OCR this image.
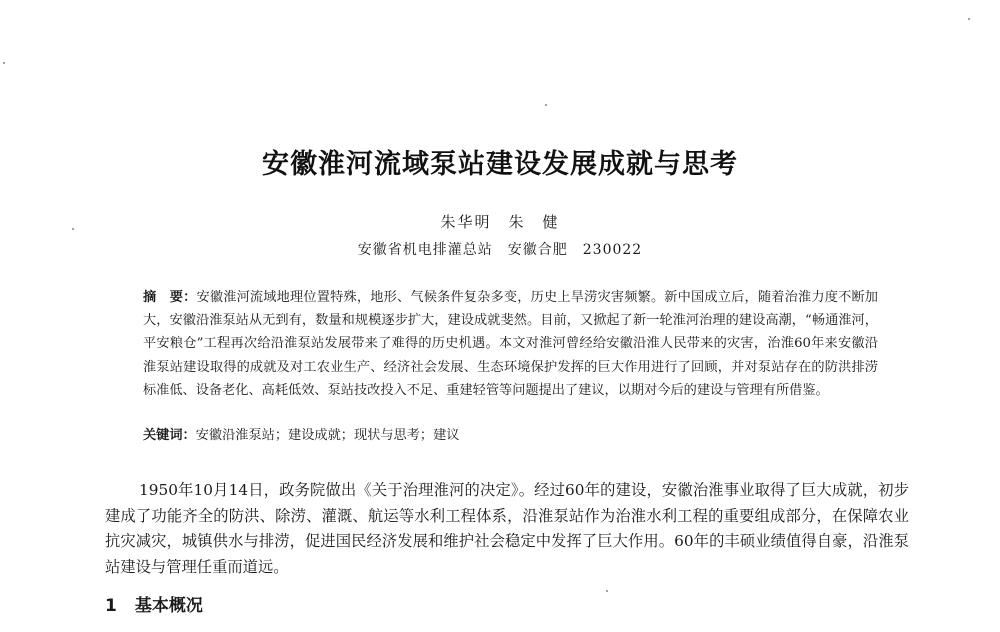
安徽淮河流域泵站建设发展成就与思考
朱华明　朱　健
安徽省机电排灌总站　安徽合肥　230022
摘　要：安徽淮河流域地理位置特殊，地形、气候条件复杂多变，历史上旱涝灾害频繁。新中国成立后，随着治淮力度不断加大，安徽沿淮泵站从无到有，数量和规模逐步扩大，建设成就斐然。目前，又掀起了新一轮淮河治理的建设高潮，“畅通淮河，平安粮仓”工程再次给沿淮泵站发展带来了难得的历史机遇。本文对淮河曾经给安徽沿淮人民带来的灾害，治淮60年来安徽沿淮泵站建设取得的成就及对工农业生产、经济社会发展、生态环境保护发挥的巨大作用进行了回顾，并对泵站存在的防洪排涝标准低、设备老化、高耗低效、泵站技改投入不足、重建轻管等问题提出了建议，以期对今后的建设与管理有所借鉴。
关键词：安徽沿淮泵站；建设成就；现状与思考；建议
1950年10月14日，政务院做出《关于治理淮河的决定》。经过60年的建设，安徽治淮事业取得了巨大成就，初步建成了功能齐全的防洪、除涝、灌溉、航运等水利工程体系，沿淮泵站作为治淮水利工程的重要组成部分，在保障农业抗灾减灾，城镇供水与排涝，促进国民经济发展和维护社会稳定中发挥了巨大作用。60年的丰硕业绩值得自豪，沿淮泵站建设与管理任重而道远。
1 基本概况
